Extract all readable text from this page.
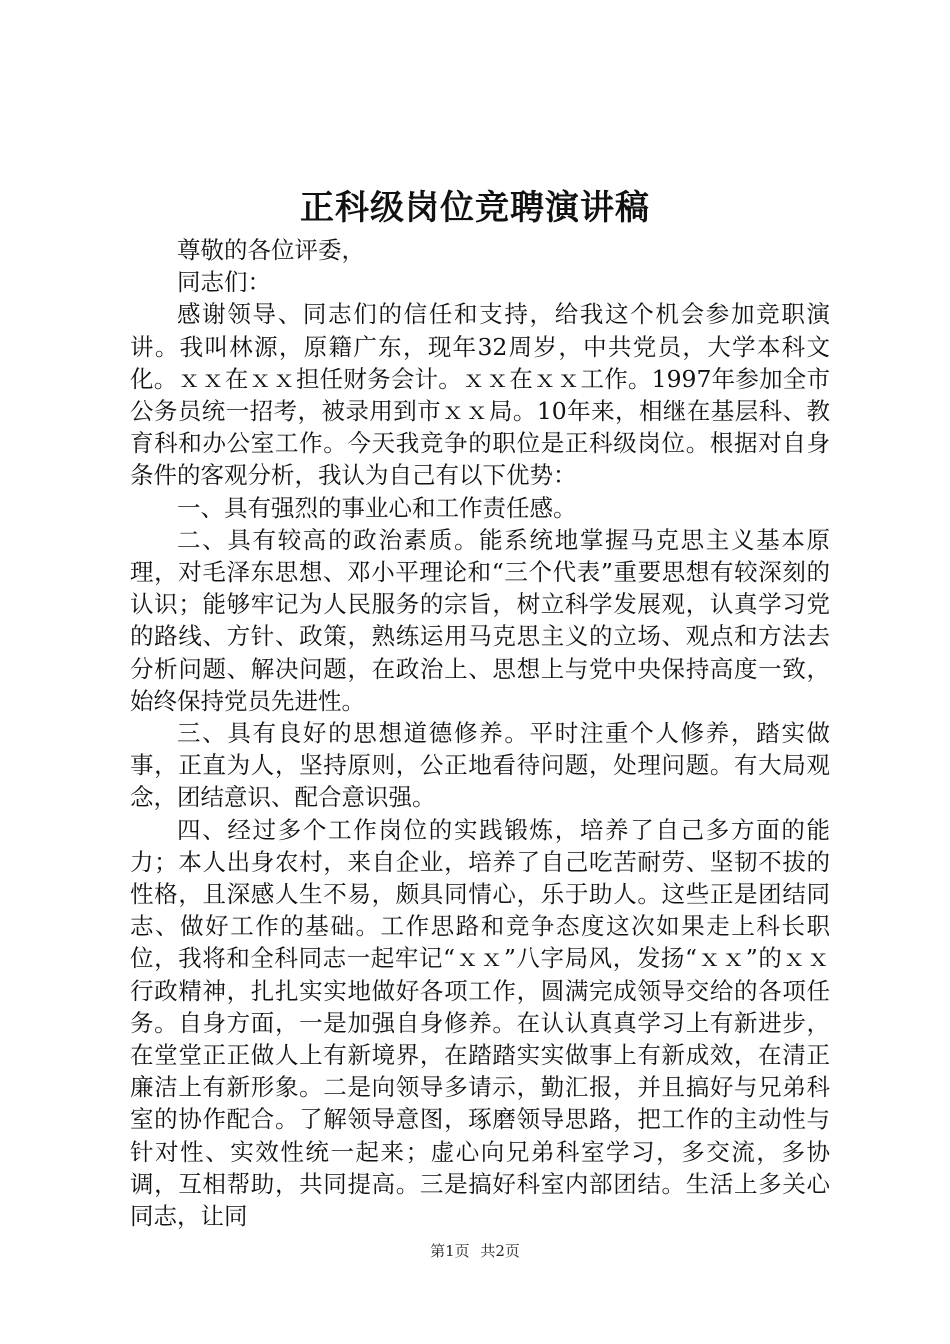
正科级岗位竞聘演讲稿

尊敬的各位评委，

同志们：

感谢领导、同志们的信任和支持，给我这个机会参加竞职演讲。我叫林源，原籍广东，现年32周岁，中共党员，大学本科文化。ｘｘ在ｘｘ担任财务会计。ｘｘ在ｘｘ工作。1997年参加全市公务员统一招考，被录用到市ｘｘ局。10年来，相继在基层科、教育科和办公室工作。今天我竞争的职位是正科级岗位。根据对自身条件的客观分析，我认为自己有以下优势：

一、具有强烈的事业心和工作责任感。

二、具有较高的政治素质。能系统地掌握马克思主义基本原理，对毛泽东思想、邓小平理论和“三个代表”重要思想有较深刻的认识；能够牢记为人民服务的宗旨，树立科学发展观，认真学习党的路线、方针、政策，熟练运用马克思主义的立场、观点和方法去分析问题、解决问题，在政治上、思想上与党中央保持高度一致，始终保持党员先进性。

三、具有良好的思想道德修养。平时注重个人修养，踏实做事，正直为人，坚持原则，公正地看待问题，处理问题。有大局观念，团结意识、配合意识强。

四、经过多个工作岗位的实践锻炼，培养了自己多方面的能力；本人出身农村，来自企业，培养了自己吃苦耐劳、坚韧不拔的性格，且深感人生不易，颇具同情心，乐于助人。这些正是团结同志、做好工作的基础。工作思路和竞争态度这次如果走上科长职位，我将和全科同志一起牢记“ｘｘ”八字局风，发扬“ｘｘ”的ｘｘ行政精神，扎扎实实地做好各项工作，圆满完成领导交给的各项任务。自身方面，一是加强自身修养。在认认真真学习上有新进步，在堂堂正正做人上有新境界，在踏踏实实做事上有新成效，在清正廉洁上有新形象。二是向领导多请示，勤汇报，并且搞好与兄弟科室的协作配合。了解领导意图，琢磨领导思路，把工作的主动性与针对性、实效性统一起来；虚心向兄弟科室学习，多交流，多协调，互相帮助，共同提高。三是搞好科室内部团结。生活上多关心同志，让同

第1页 共2页
